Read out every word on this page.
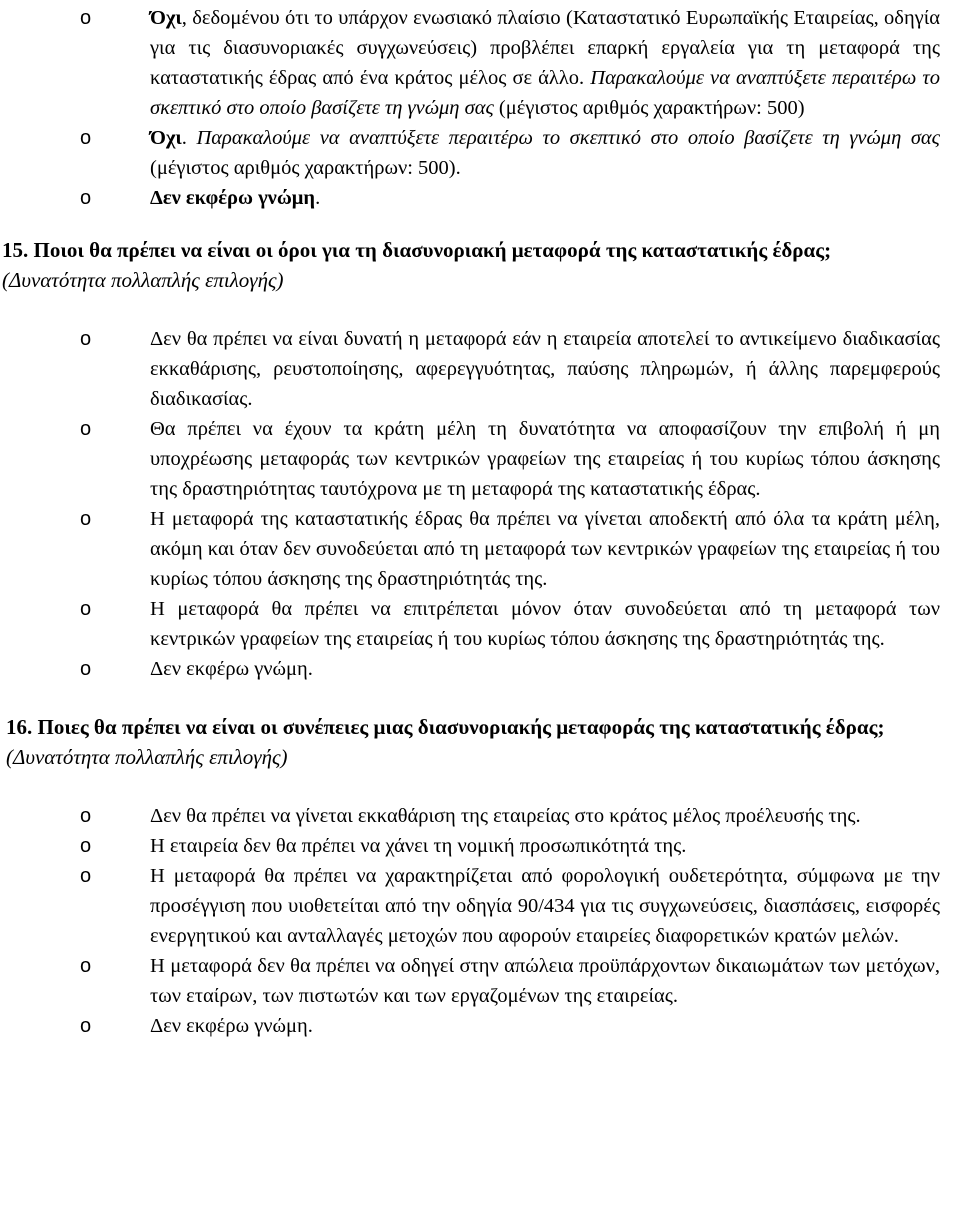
o	Όχι, δεδομένου ότι το υπάρχον ενωσιακό πλαίσιο (Καταστατικό Ευρωπαϊκής Εταιρείας, οδηγία για τις διασυνοριακές συγχωνεύσεις) προβλέπει επαρκή εργαλεία για τη μεταφορά της καταστατικής έδρας από ένα κράτος μέλος σε άλλο. Παρακαλούμε να αναπτύξετε περαιτέρω το σκεπτικό στο οποίο βασίζετε τη γνώμη σας (μέγιστος αριθμός χαρακτήρων: 500)
o	Όχι. Παρακαλούμε να αναπτύξετε περαιτέρω το σκεπτικό στο οποίο βασίζετε τη γνώμη σας (μέγιστος αριθμός χαρακτήρων: 500).
o	Δεν εκφέρω γνώμη.
15. Ποιοι θα πρέπει να είναι οι όροι για τη διασυνοριακή μεταφορά της καταστατικής έδρας; (Δυνατότητα πολλαπλής επιλογής)
o	Δεν θα πρέπει να είναι δυνατή η μεταφορά εάν η εταιρεία αποτελεί το αντικείμενο διαδικασίας εκκαθάρισης, ρευστοποίησης, αφερεγγυότητας, παύσης πληρωμών, ή άλλης παρεμφερούς διαδικασίας.
o	Θα πρέπει να έχουν τα κράτη μέλη τη δυνατότητα να αποφασίζουν την επιβολή ή μη υποχρέωσης μεταφοράς των κεντρικών γραφείων της εταιρείας ή του κυρίως τόπου άσκησης της δραστηριότητας ταυτόχρονα με τη μεταφορά της καταστατικής έδρας.
o	Η μεταφορά της καταστατικής έδρας θα πρέπει να γίνεται αποδεκτή από όλα τα κράτη μέλη, ακόμη και όταν δεν συνοδεύεται από τη μεταφορά των κεντρικών γραφείων της εταιρείας ή του κυρίως τόπου άσκησης της δραστηριότητάς της.
o	Η μεταφορά θα πρέπει να επιτρέπεται μόνον όταν συνοδεύεται από τη μεταφορά των κεντρικών γραφείων της εταιρείας ή του κυρίως τόπου άσκησης της δραστηριότητάς της.
o	Δεν εκφέρω γνώμη.
16. Ποιες θα πρέπει να είναι οι συνέπειες μιας διασυνοριακής μεταφοράς της καταστατικής έδρας; (Δυνατότητα πολλαπλής επιλογής)
o	Δεν θα πρέπει να γίνεται εκκαθάριση της εταιρείας στο κράτος μέλος προέλευσής της.
o	Η εταιρεία δεν θα πρέπει να χάνει τη νομική προσωπικότητά της.
o	Η μεταφορά θα πρέπει να χαρακτηρίζεται από φορολογική ουδετερότητα, σύμφωνα με την προσέγγιση που υιοθετείται από την οδηγία 90/434 για τις συγχωνεύσεις, διασπάσεις, εισφορές ενεργητικού και ανταλλαγές μετοχών που αφορούν εταιρείες διαφορετικών κρατών μελών.
o	Η μεταφορά δεν θα πρέπει να οδηγεί στην απώλεια προϋπάρχοντων δικαιωμάτων των μετόχων, των εταίρων, των πιστωτών και των εργαζομένων της εταιρείας.
o	Δεν εκφέρω γνώμη.
